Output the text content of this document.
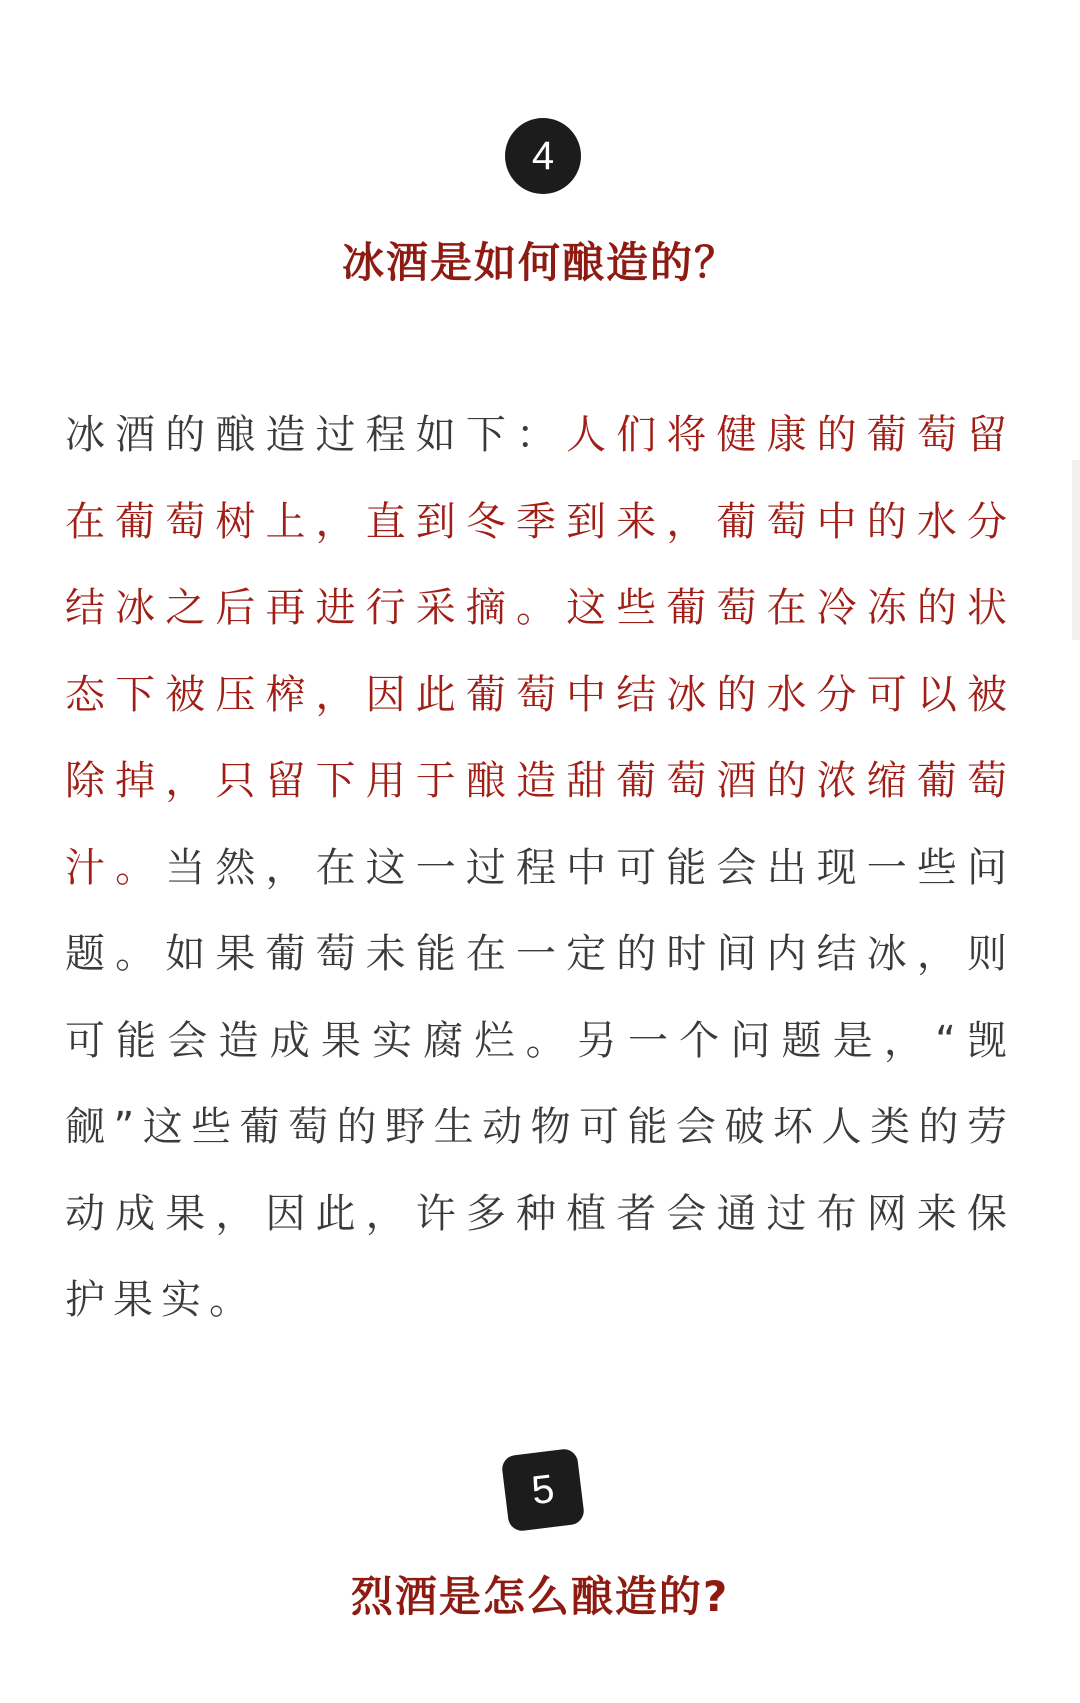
4
冰酒是如何酿造的？

冰酒的酿造过程如下：人们将健康的葡萄留在葡萄树上，直到冬季到来，葡萄中的水分结冰之后再进行采摘。这些葡萄在冷冻的状态下被压榨，因此葡萄中结冰的水分可以被除掉，只留下用于酿造甜葡萄酒的浓缩葡萄汁。当然，在这一过程中可能会出现一些问题。如果葡萄未能在一定的时间内结冰，则可能会造成果实腐烂。另一个问题是，“觊觎”这些葡萄的野生动物可能会破坏人类的劳动成果，因此，许多种植者会通过布网来保护果实。

5
烈酒是怎么酿造的?
